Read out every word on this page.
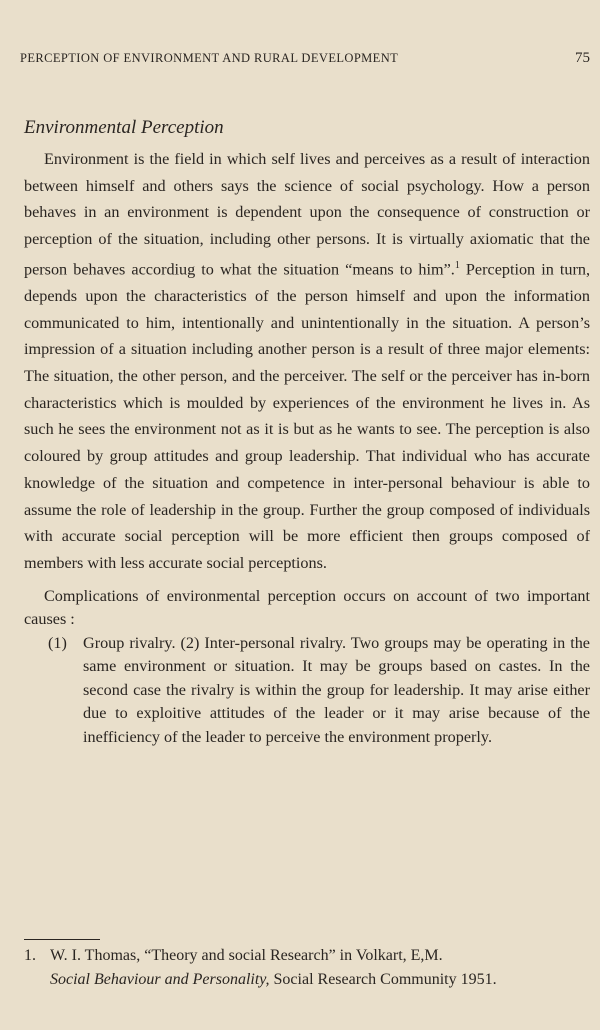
PERCEPTION OF ENVIRONMENT AND RURAL DEVELOPMENT	75
Environmental Perception

Environment is the field in which self lives and perceives as a result of interaction between himself and others says the science of social psychology. How a person behaves in an environment is dependent upon the consequence of construction or perception of the situation, including other persons. It is virtually axiomatic that the person behaves accordiug to what the situation “means to him”.$^1$ Perception in turn, depends upon the characteristics of the person himself and upon the information communicated to him, intentionally and unintentionally in the situation. A person’s impression of a situation including another person is a result of three major elements: The situation, the other person, and the perceiver. The self or the perceiver has in-born characteristics which is moulded by experiences of the environment he lives in. As such he sees the environment not as it is but as he wants to see. The perception is also coloured by group attitudes and group leadership. That individual who has accurate knowledge of the situation and competence in inter-personal behaviour is able to assume the role of leadership in the group. Further the group composed of individuals with accurate social perception will be more efficient then groups composed of members with less accurate social perceptions.

Complications of environmental perception occurs on account of two important causes :

(1) Group rivalry. (2) Inter-personal rivalry. Two groups may be operating in the same environment or situation. It may be groups based on castes. In the second case the rivalry is within the group for leadership. It may arise either due to exploitive attitudes of the leader or it may arise because of the inefficiency of the leader to perceive the environment properly.
1. W. I. Thomas, “Theory and social Research” in Volkart, E,M.
Social Behaviour and Personality, Social Research Community 1951.
